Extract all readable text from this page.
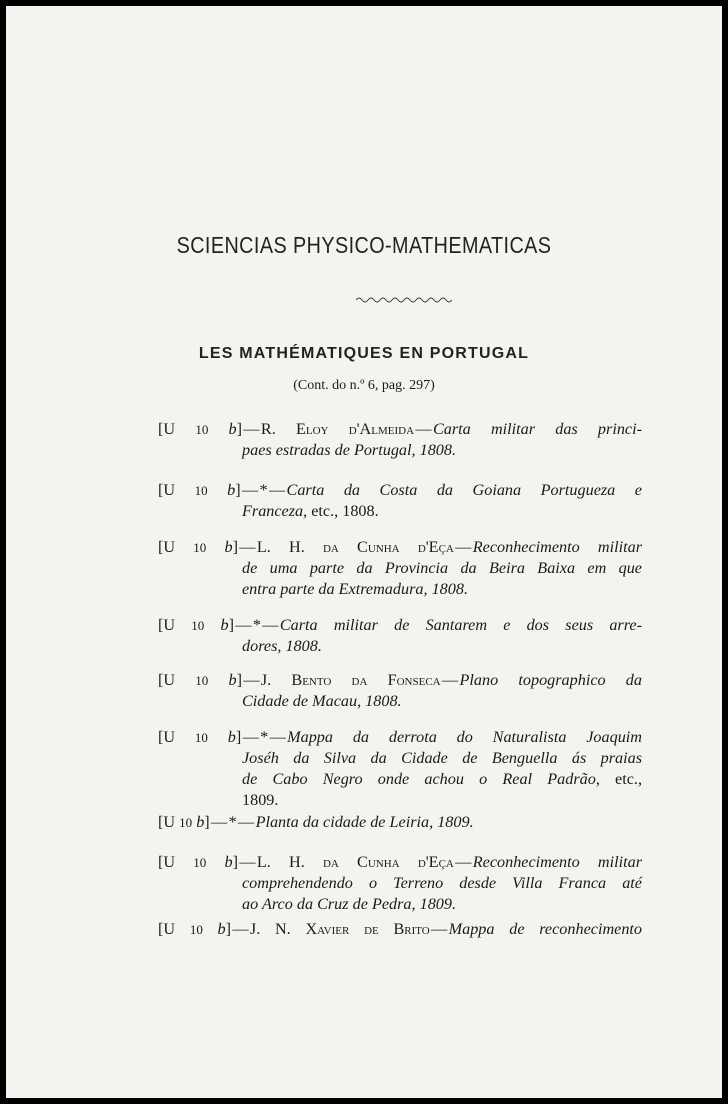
SCIENCIAS PHYSICO-MATHEMATICAS
LES MATHÉMATIQUES EN PORTUGAL
(Cont. do n.º 6, pag. 297)
[U 10 b] — R. Eloy d'Almeida — Carta militar das princi-
paes estradas de Portugal, 1808.
[U 10 b] — * — Carta da Costa da Goiana Portugueza e
Franceza, etc., 1808.
[U 10 b] — L. H. da Cunha d'Eça — Reconhecimento militar
de uma parte da Provincia da Beira Baixa em que
entra parte da Extremadura, 1808.
[U 10 b] — * — Carta militar de Santarem e dos seus arre-
dores, 1808.
[U 10 b] — J. Bento da Fonseca — Plano topographico da
Cidade de Macau, 1808.
[U 10 b] — * — Mappa da derrota do Naturalista Joaquim
Joséh da Silva da Cidade de Benguella ás praias
de Cabo Negro onde achou o Real Padrão, etc.,
1809.
[U 10 b] — * — Planta da cidade de Leiria, 1809.
[U 10 b] — L. H. da Cunha d'Eça — Reconhecimento militar
comprehendendo o Terreno desde Villa Franca até
ao Arco da Cruz de Pedra, 1809.
[U 10 b] — J. N. Xavier de Brito — Mappa de reconhecimento
